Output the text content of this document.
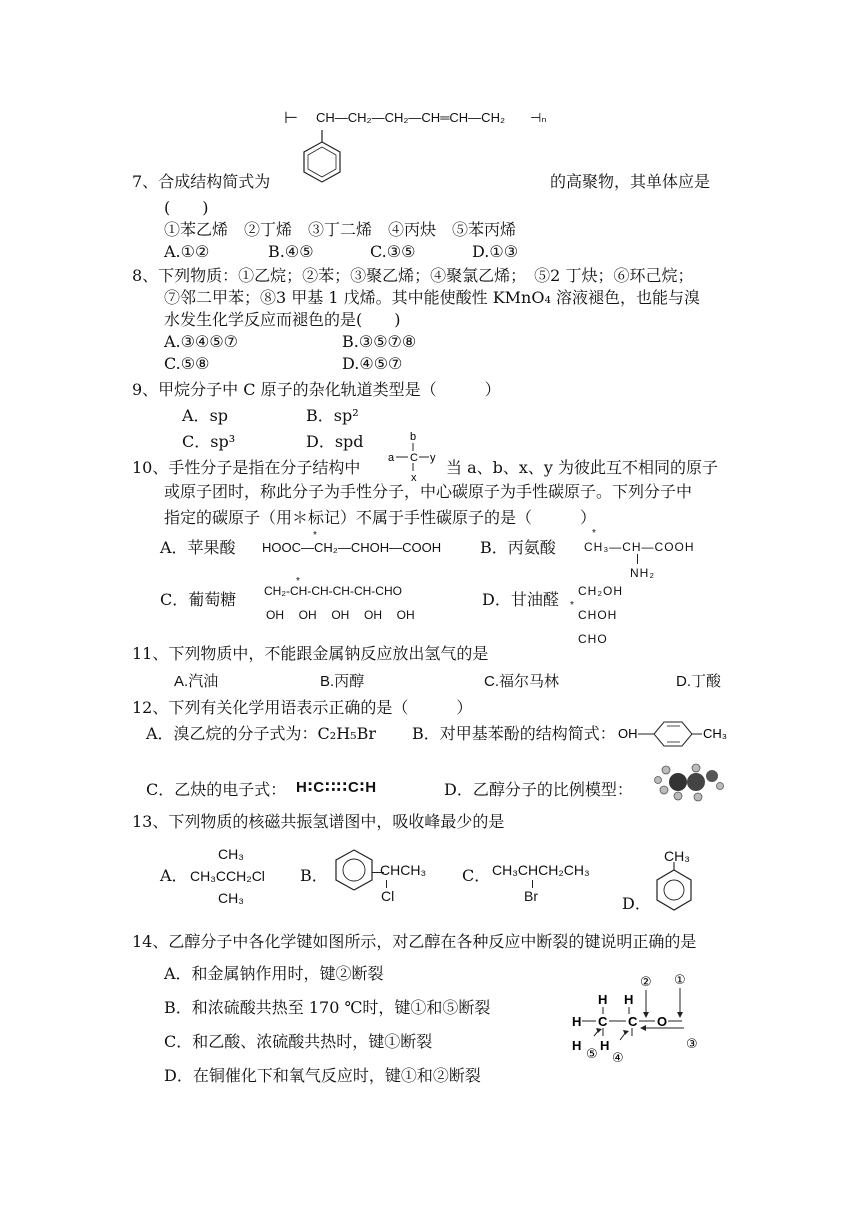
⊢ CH—CH₂—CH₂—CH═CH—CH₂ ⊣ₙ
7、合成结构简式为	的高聚物，其单体应是
(　　)
①苯乙烯　②丁烯　③丁二烯　④丙炔　⑤苯丙烯
A.①②	B.④⑤	C.③⑤	D.①③
8、下列物质：①乙烷；②苯；③聚乙烯；④聚氯乙烯；　⑤2 丁炔；⑥环己烷；
⑦邻二甲苯；⑧3 甲基 1 戊烯。其中能使酸性 KMnO₄ 溶液褪色，也能与溴
水发生化学反应而褪色的是(　　)
A.③④⑤⑦	B.③⑤⑦⑧
C.⑤⑧	D.④⑤⑦
9、甲烷分子中 C 原子的杂化轨道类型是（　　　）
A．sp	B．sp²
C．sp³	D．spd
10、手性分子是指在分子结构中
b
a C y
x
当 a、b、x、y 为彼此互不相同的原子
或原子团时，称此分子为手性分子，中心碳原子为手性碳原子。下列分子中
指定的碳原子（用＊标记）不属于手性碳原子的是（　　　）
A．苹果酸 HOOC—CH₂—CHOH—COOH
*
B．丙氨酸
*
CH₃—CH—COOH
NH₂
C．葡萄糖
*
CH₂-CH-CH-CH-CH-CHO
OH  OH  OH  OH  OH
D．甘油醛 CH₂OH
*
CHOH
CHO
11、下列物质中，不能跟金属钠反应放出氢气的是
A.汽油	B.丙醇	C.福尔马林	D.丁酸
12、下列有关化学用语表示正确的是（　　　）
A．溴乙烷的分子式为：C₂H₅Br B．对甲基苯酚的结构简式： OH	CH₃
C．乙炔的电子式： H∶C∷∷C∶H	D．乙醇分子的比例模型：
13、下列物质的核磁共振氢谱图中，吸收峰最少的是
A．
CH₃
CH₃CCH₂Cl
CH₃
B．	CHCH₃
Cl
C． CH₃CHCH₂CH₃
Br	D．
CH₃
14、乙醇分子中各化学键如图所示，对乙醇在各种反应中断裂的键说明正确的是
A．和金属钠作用时，键②断裂
B．和浓硫酸共热至 170 ℃时，键①和⑤断裂
C．和乙酸、浓硫酸共热时，键①断裂
D．在铜催化下和氧气反应时，键①和②断裂
H H
H C C O
H H
② ①
③
④
⑤
